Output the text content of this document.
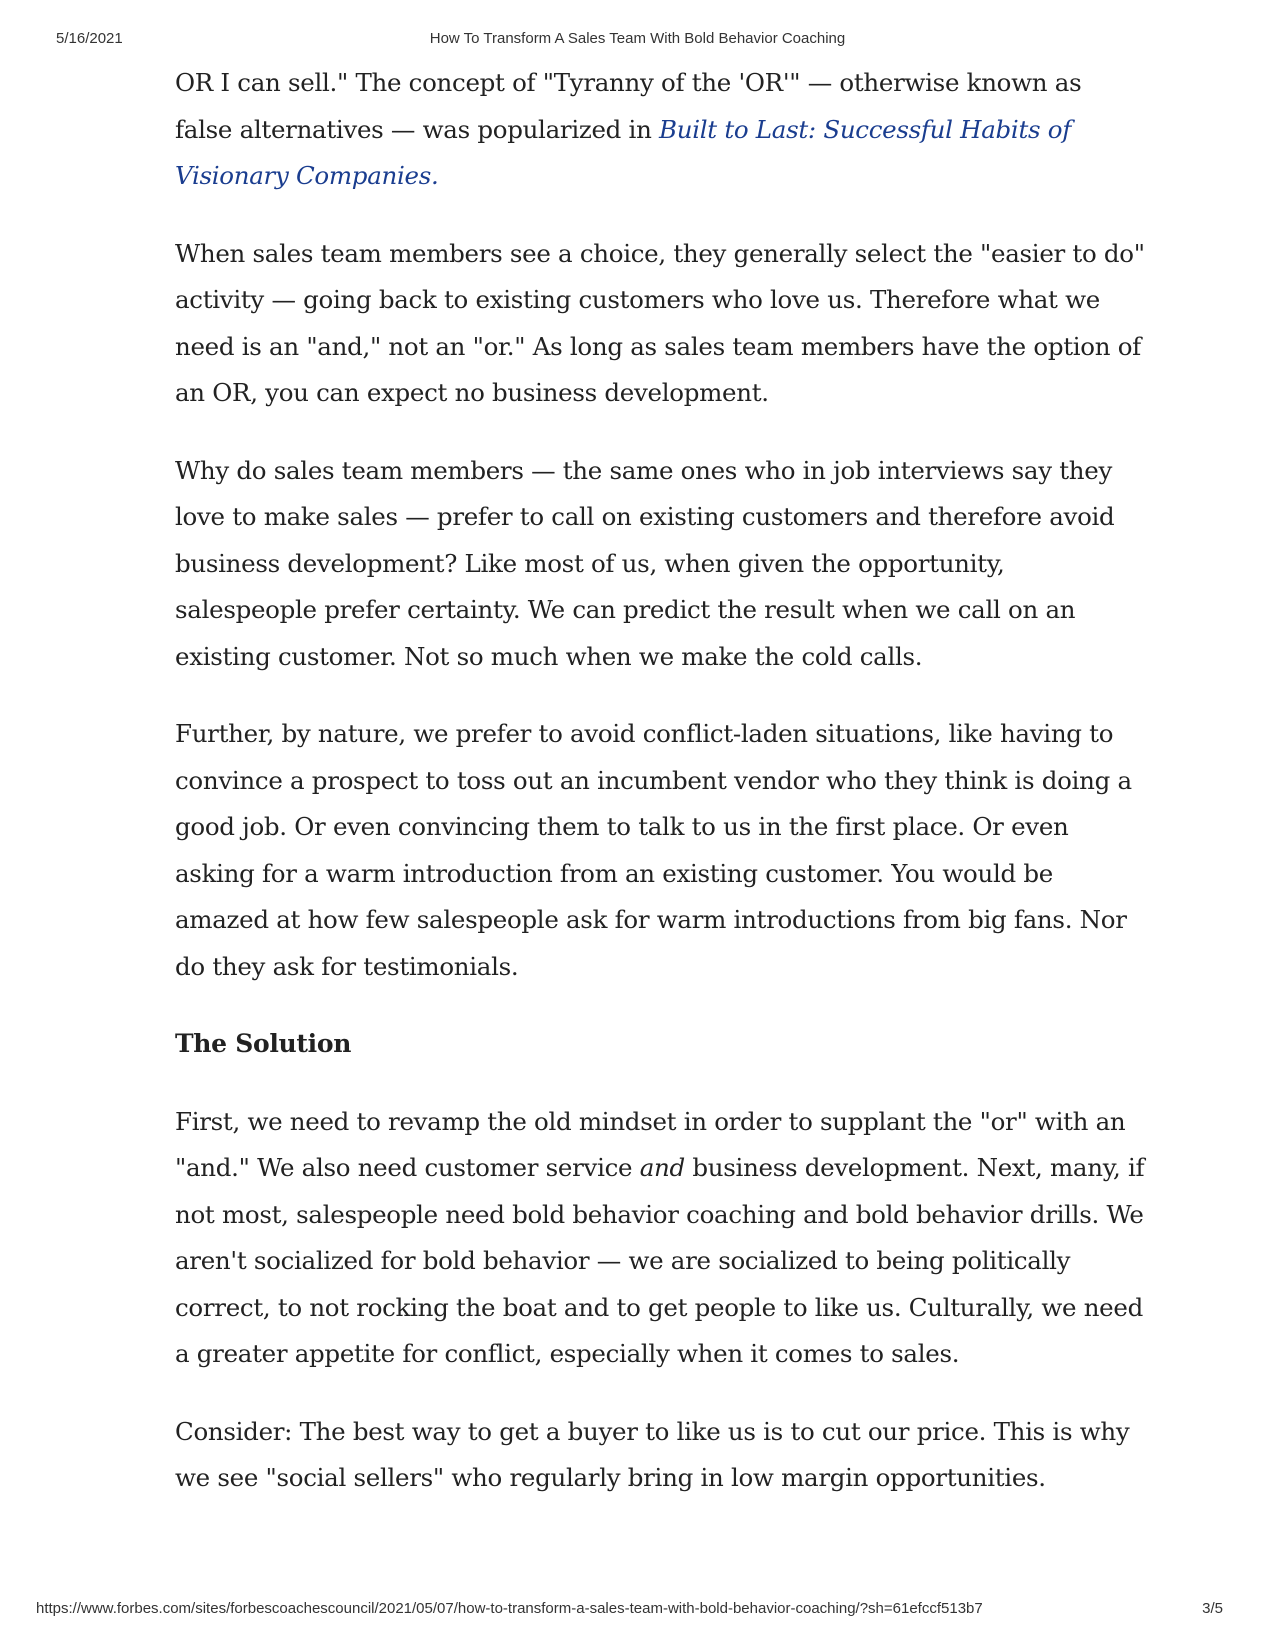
5/16/2021	How To Transform A Sales Team With Bold Behavior Coaching

OR I can sell." The concept of "Tyranny of the 'OR'" — otherwise known as false alternatives — was popularized in Built to Last: Successful Habits of Visionary Companies.

When sales team members see a choice, they generally select the "easier to do" activity — going back to existing customers who love us. Therefore what we need is an "and," not an "or." As long as sales team members have the option of an OR, you can expect no business development.

Why do sales team members — the same ones who in job interviews say they love to make sales — prefer to call on existing customers and therefore avoid business development? Like most of us, when given the opportunity, salespeople prefer certainty. We can predict the result when we call on an existing customer. Not so much when we make the cold calls.

Further, by nature, we prefer to avoid conflict-laden situations, like having to convince a prospect to toss out an incumbent vendor who they think is doing a good job. Or even convincing them to talk to us in the first place. Or even asking for a warm introduction from an existing customer. You would be amazed at how few salespeople ask for warm introductions from big fans. Nor do they ask for testimonials.

The Solution

First, we need to revamp the old mindset in order to supplant the "or" with an "and." We also need customer service and business development. Next, many, if not most, salespeople need bold behavior coaching and bold behavior drills. We aren't socialized for bold behavior — we are socialized to being politically correct, to not rocking the boat and to get people to like us. Culturally, we need a greater appetite for conflict, especially when it comes to sales.

Consider: The best way to get a buyer to like us is to cut our price. This is why we see "social sellers" who regularly bring in low margin opportunities.

https://www.forbes.com/sites/forbescoachescouncil/2021/05/07/how-to-transform-a-sales-team-with-bold-behavior-coaching/?sh=61efccf513b7	3/5
